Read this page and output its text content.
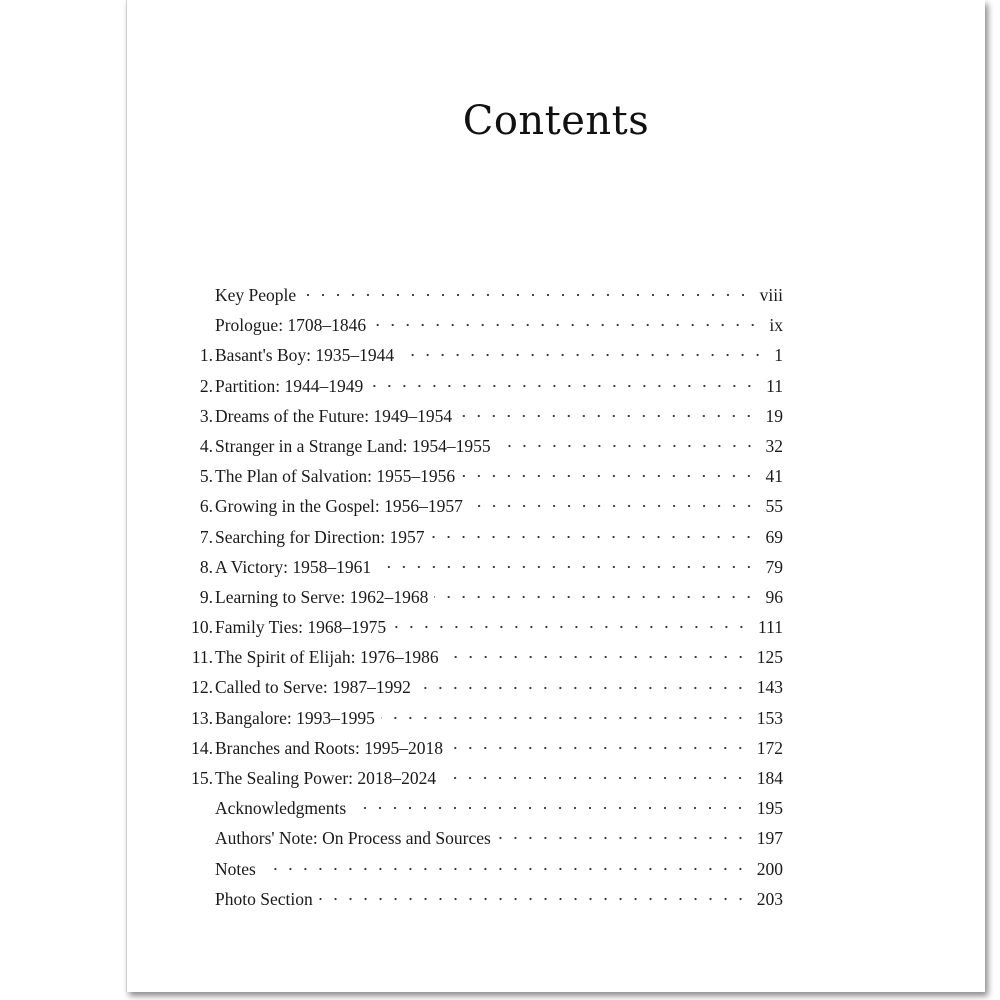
Contents
Key People	viii
Prologue: 1708–1846	ix
1. Basant's Boy: 1935–1944	1
2. Partition: 1944–1949	11
3. Dreams of the Future: 1949–1954	19
4. Stranger in a Strange Land: 1954–1955	32
5. The Plan of Salvation: 1955–1956	41
6. Growing in the Gospel: 1956–1957	55
7. Searching for Direction: 1957	69
8. A Victory: 1958–1961	79
9. Learning to Serve: 1962–1968	96
10. Family Ties: 1968–1975	111
11. The Spirit of Elijah: 1976–1986	125
12. Called to Serve: 1987–1992	143
13. Bangalore: 1993–1995	153
14. Branches and Roots: 1995–2018	172
15. The Sealing Power: 2018–2024	184
Acknowledgments	195
Authors' Note: On Process and Sources	197
Notes	200
Photo Section	203
